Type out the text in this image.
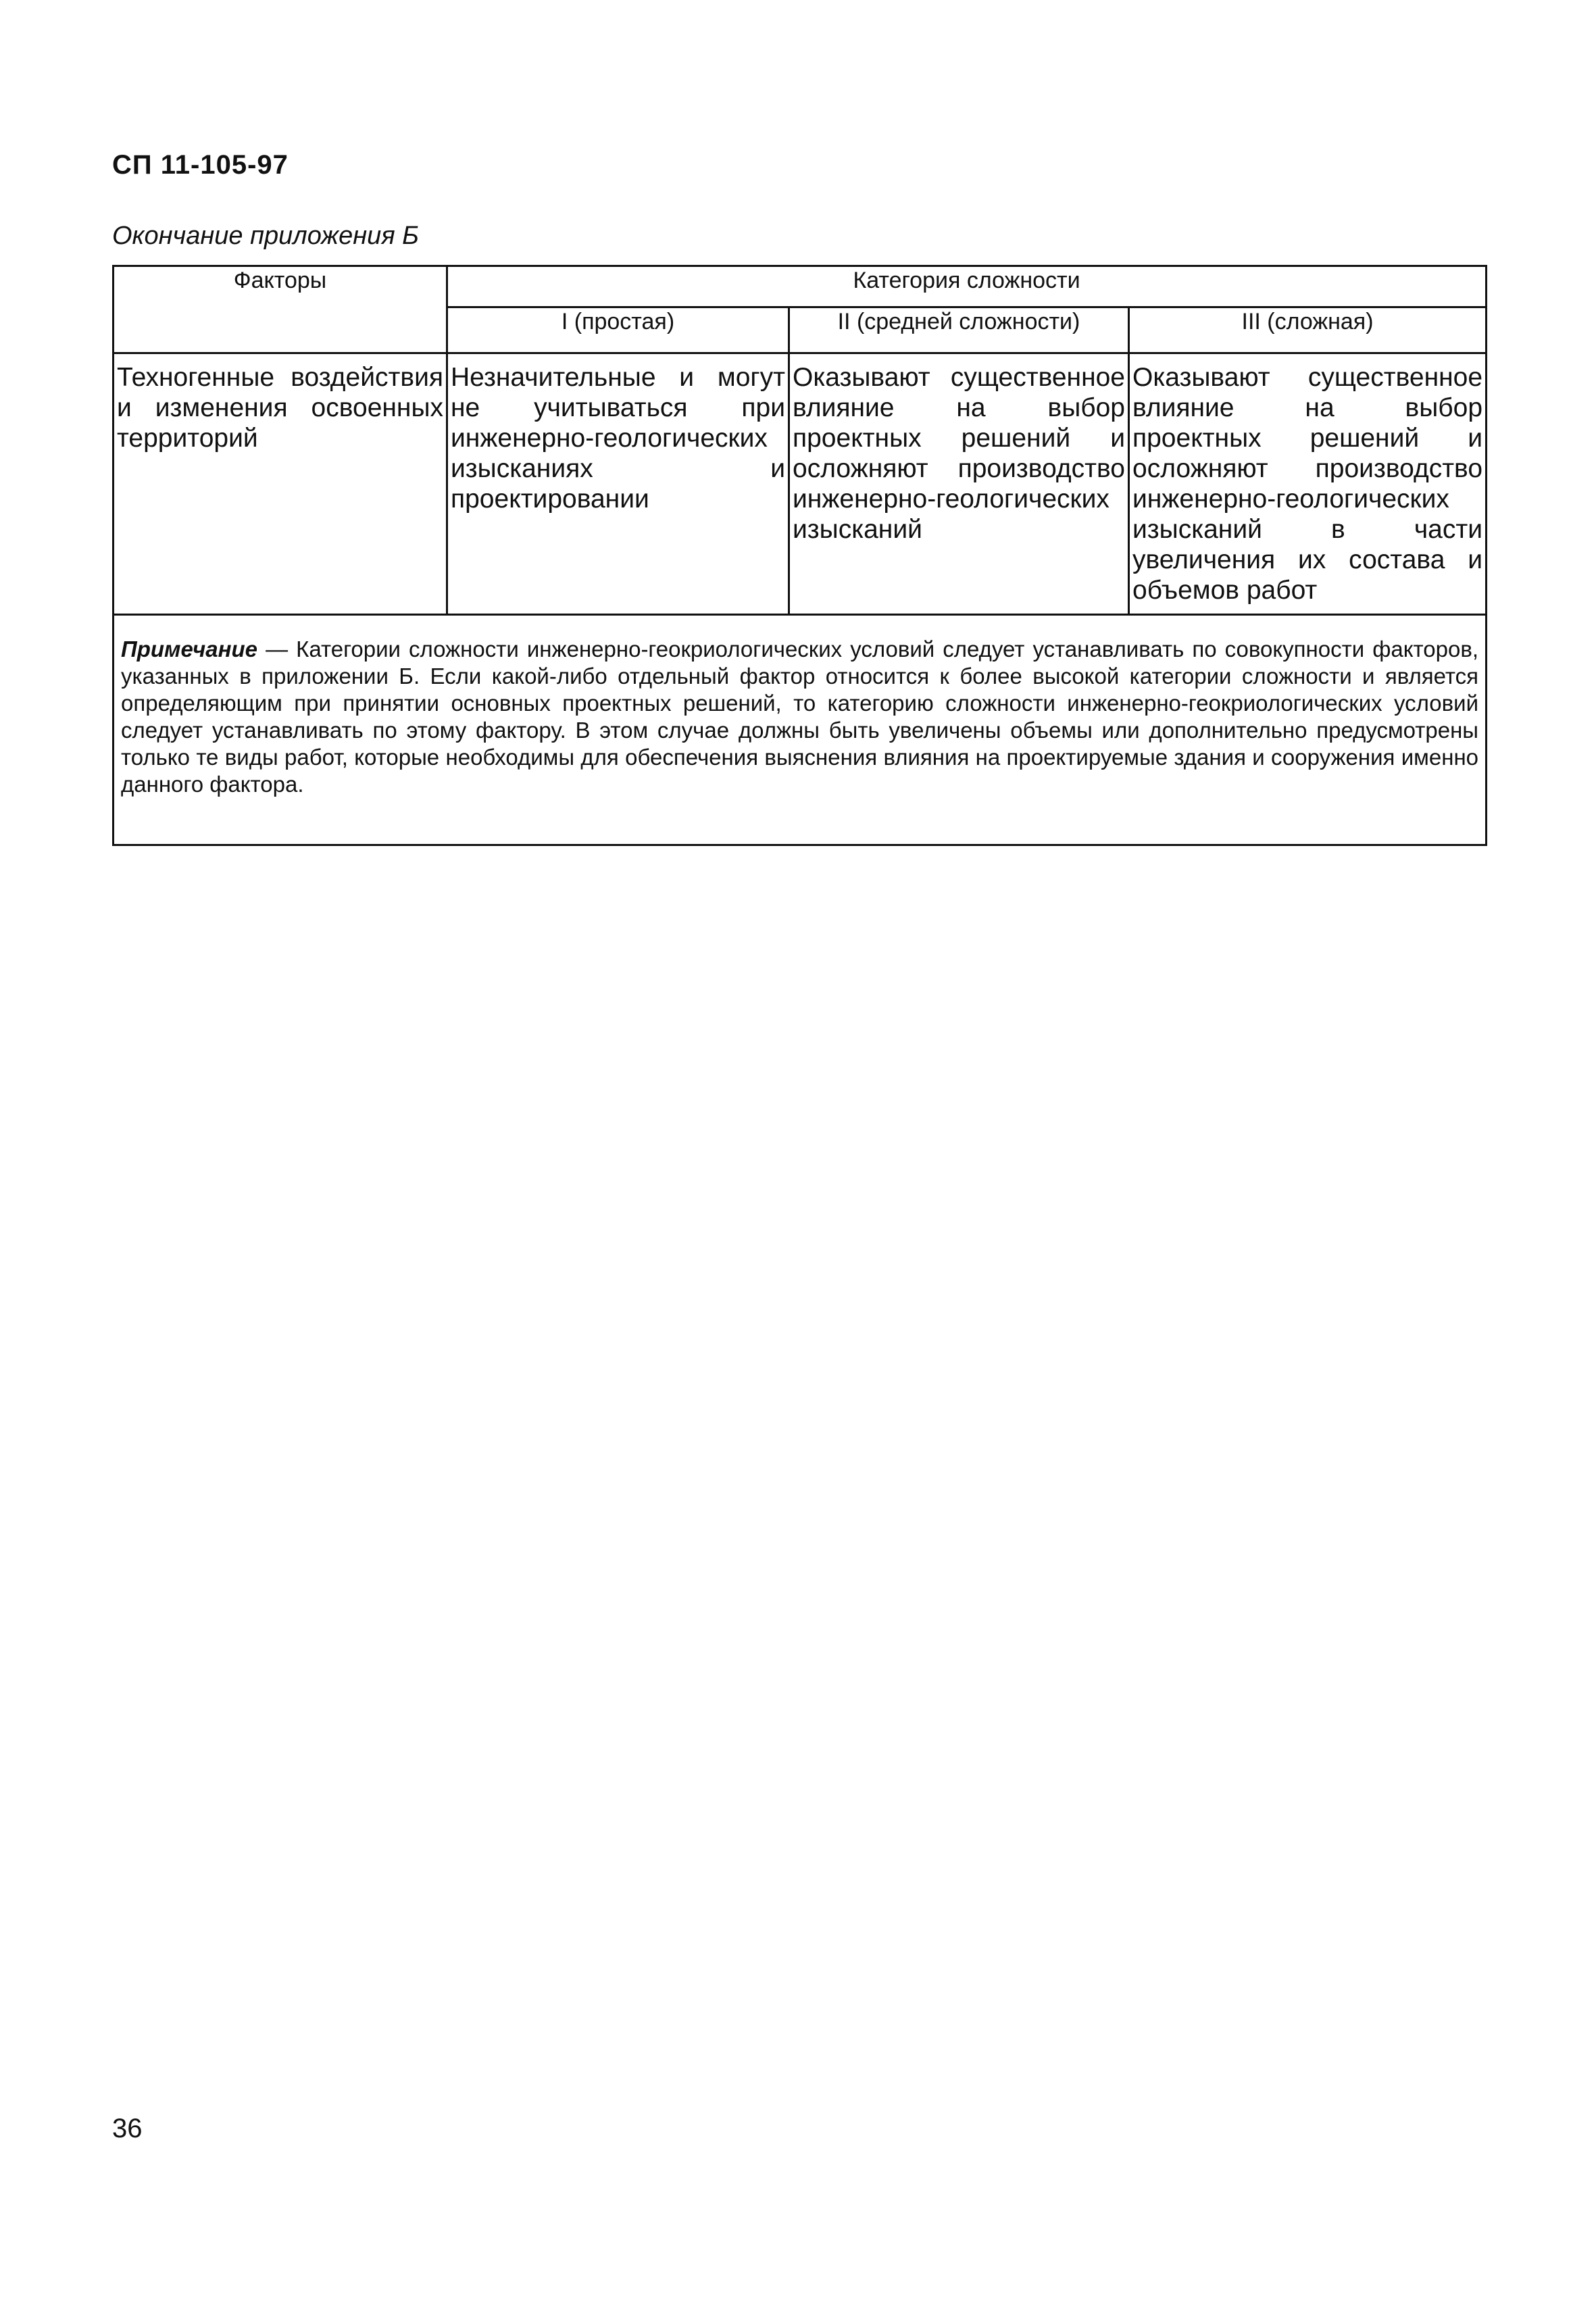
СП 11-105-97
Окончание приложения Б
Факторы	Категория сложности		
	I (простая)	II (средней сложности)	III (сложная)
Техногенные воздействия и изменения освоенных территорий	Незначительные и могут не учитываться при инженерно-геологических изысканиях и проектировании	Оказывают существенное влияние на выбор проектных решений и осложняют производство инженерно-геологических изысканий	Оказывают существенное влияние на выбор проектных решений и осложняют производство инженерно-геологических изысканий в части увеличения их состава и объемов работ
Примечание — Категории сложности инженерно-геокриологических условий следует устанавливать по совокупности факторов, указанных в приложении Б. Если какой-либо отдельный фактор относится к более высокой категории сложности и является определяющим при принятии основных проектных решений, то категорию сложности инженерно-геокриологических условий следует устанавливать по этому фактору. В этом случае должны быть увеличены объемы или дополнительно предусмотрены только те виды работ, которые необходимы для обеспечения выяснения влияния на проектируемые здания и сооружения именно данного фактора.			
36
